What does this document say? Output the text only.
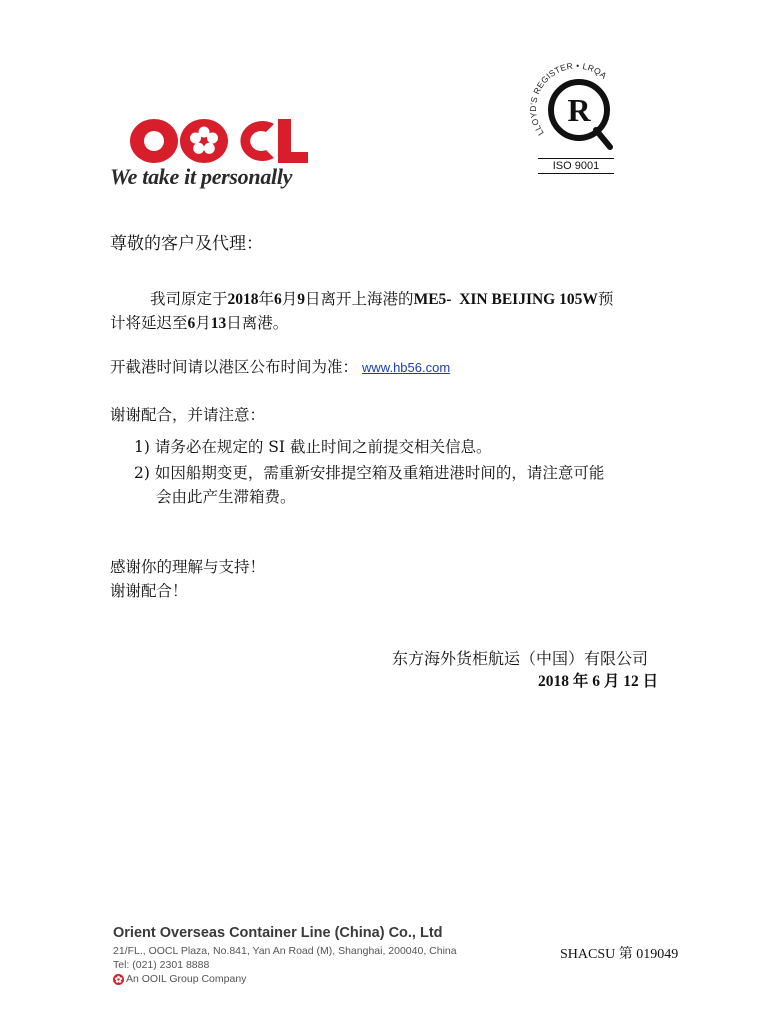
We take it personally
LLOYD'S REGISTER • LRQA
R
ISO 9001
尊敬的客户及代理：
我司原定于2018年6月9日离开上海港的ME5-  XIN BEIJING 105W预
计将延迟至6月13日离港。
开截港时间请以港区公布时间为准： www.hb56.com
谢谢配合，并请注意：
1) 请务必在规定的 SI 截止时间之前提交相关信息。
2) 如因船期变更，需重新安排提空箱及重箱进港时间的，请注意可能
会由此产生滞箱费。
感谢你的理解与支持！
谢谢配合！
东方海外货柜航运（中国）有限公司
2018 年 6 月 12 日
Orient Overseas Container Line (China) Co., Ltd
21/FL., OOCL Plaza, No.841, Yan An Road (M), Shanghai, 200040, China
Tel: (021) 2301 8888
An OOIL Group Company
SHACSU 第 019049
